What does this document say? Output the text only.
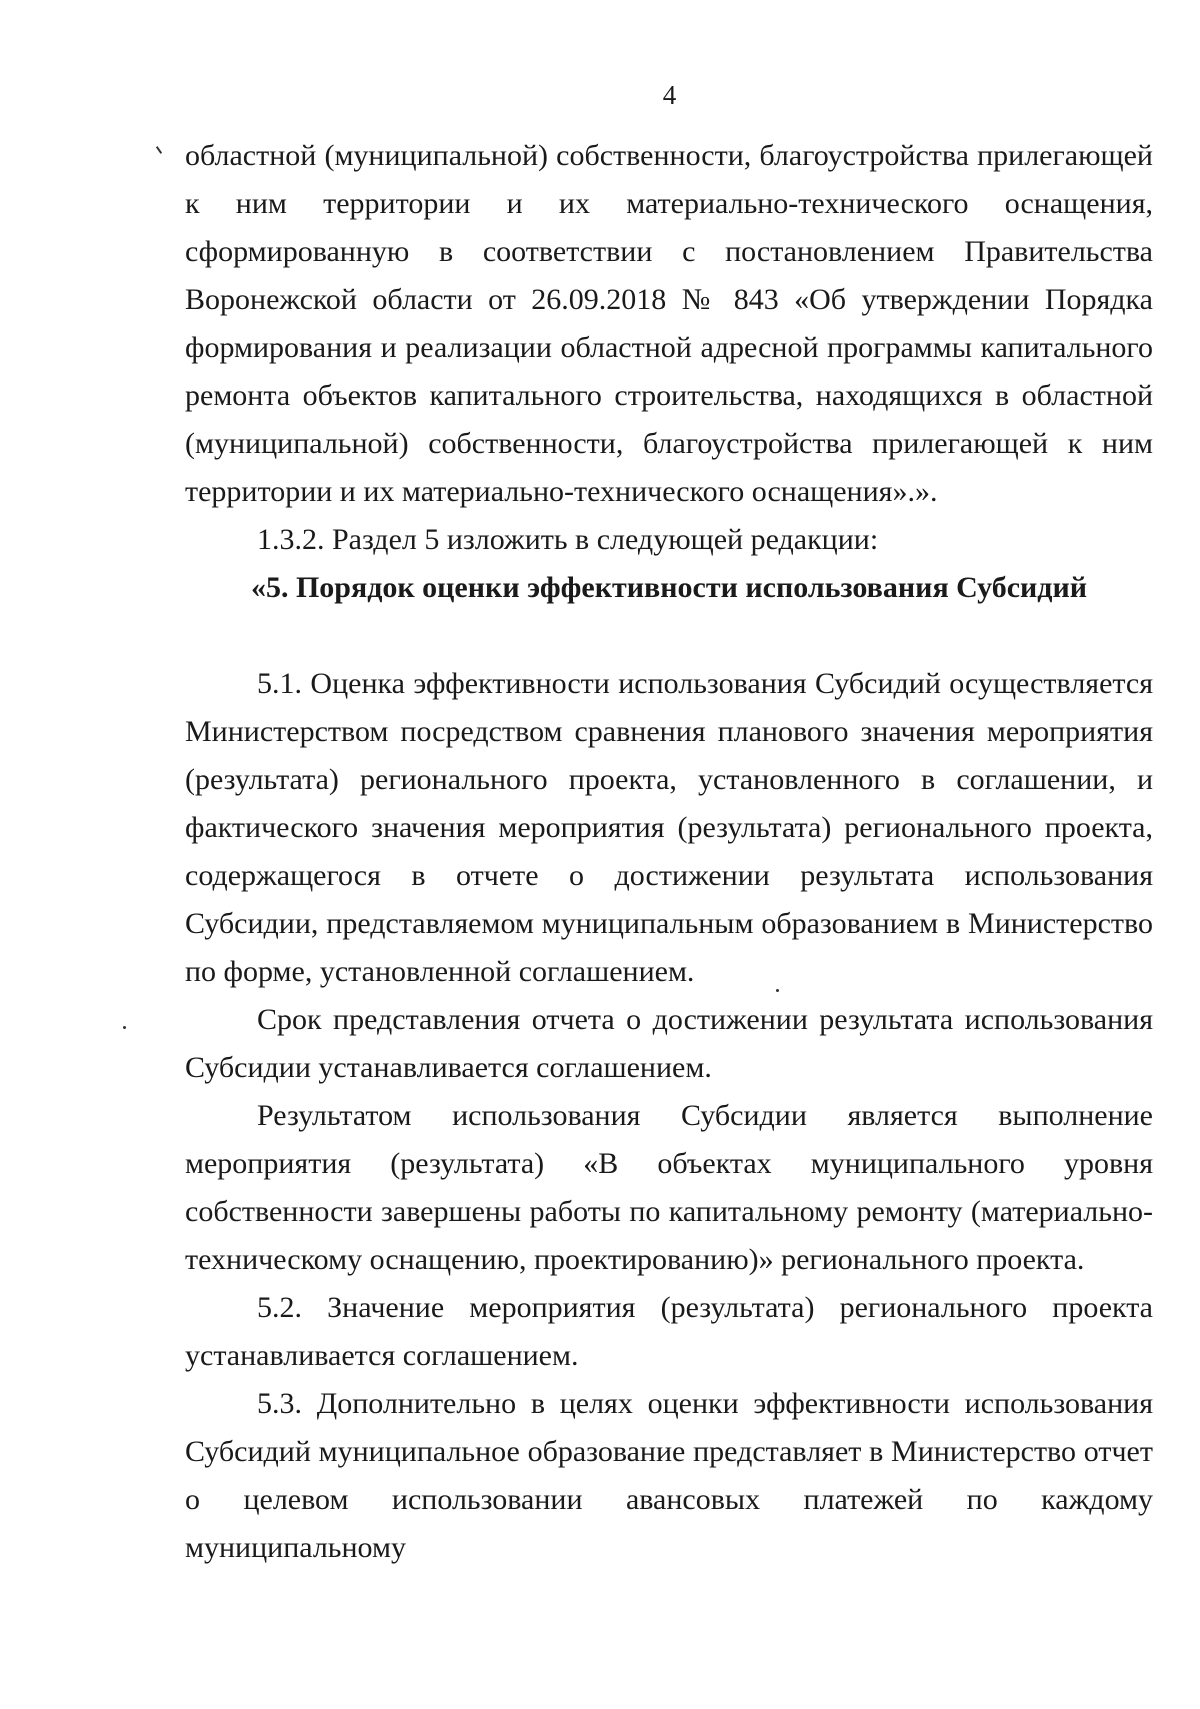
4

областной (муниципальной) собственности, благоустройства прилегающей к ним территории и их материально-технического оснащения, сформированную в соответствии с постановлением Правительства Воронежской области от 26.09.2018 № 843 «Об утверждении Порядка формирования и реализации областной адресной программы капитального ремонта объектов капитального строительства, находящихся в областной (муниципальной) собственности, благоустройства прилегающей к ним территории и их материально-технического оснащения».».

1.3.2. Раздел 5 изложить в следующей редакции:

«5. Порядок оценки эффективности использования Субсидий

5.1. Оценка эффективности использования Субсидий осуществляется Министерством посредством сравнения планового значения мероприятия (результата) регионального проекта, установленного в соглашении, и фактического значения мероприятия (результата) регионального проекта, содержащегося в отчете о достижении результата использования Субсидии, представляемом муниципальным образованием в Министерство по форме, установленной соглашением.

Срок представления отчета о достижении результата использования Субсидии устанавливается соглашением.

Результатом использования Субсидии является выполнение мероприятия (результата) «В объектах муниципального уровня собственности завершены работы по капитальному ремонту (материально-техническому оснащению, проектированию)» регионального проекта.

5.2. Значение мероприятия (результата) регионального проекта устанавливается соглашением.

5.3. Дополнительно в целях оценки эффективности использования Субсидий муниципальное образование представляет в Министерство отчет о целевом использовании авансовых платежей по каждому муниципальному
